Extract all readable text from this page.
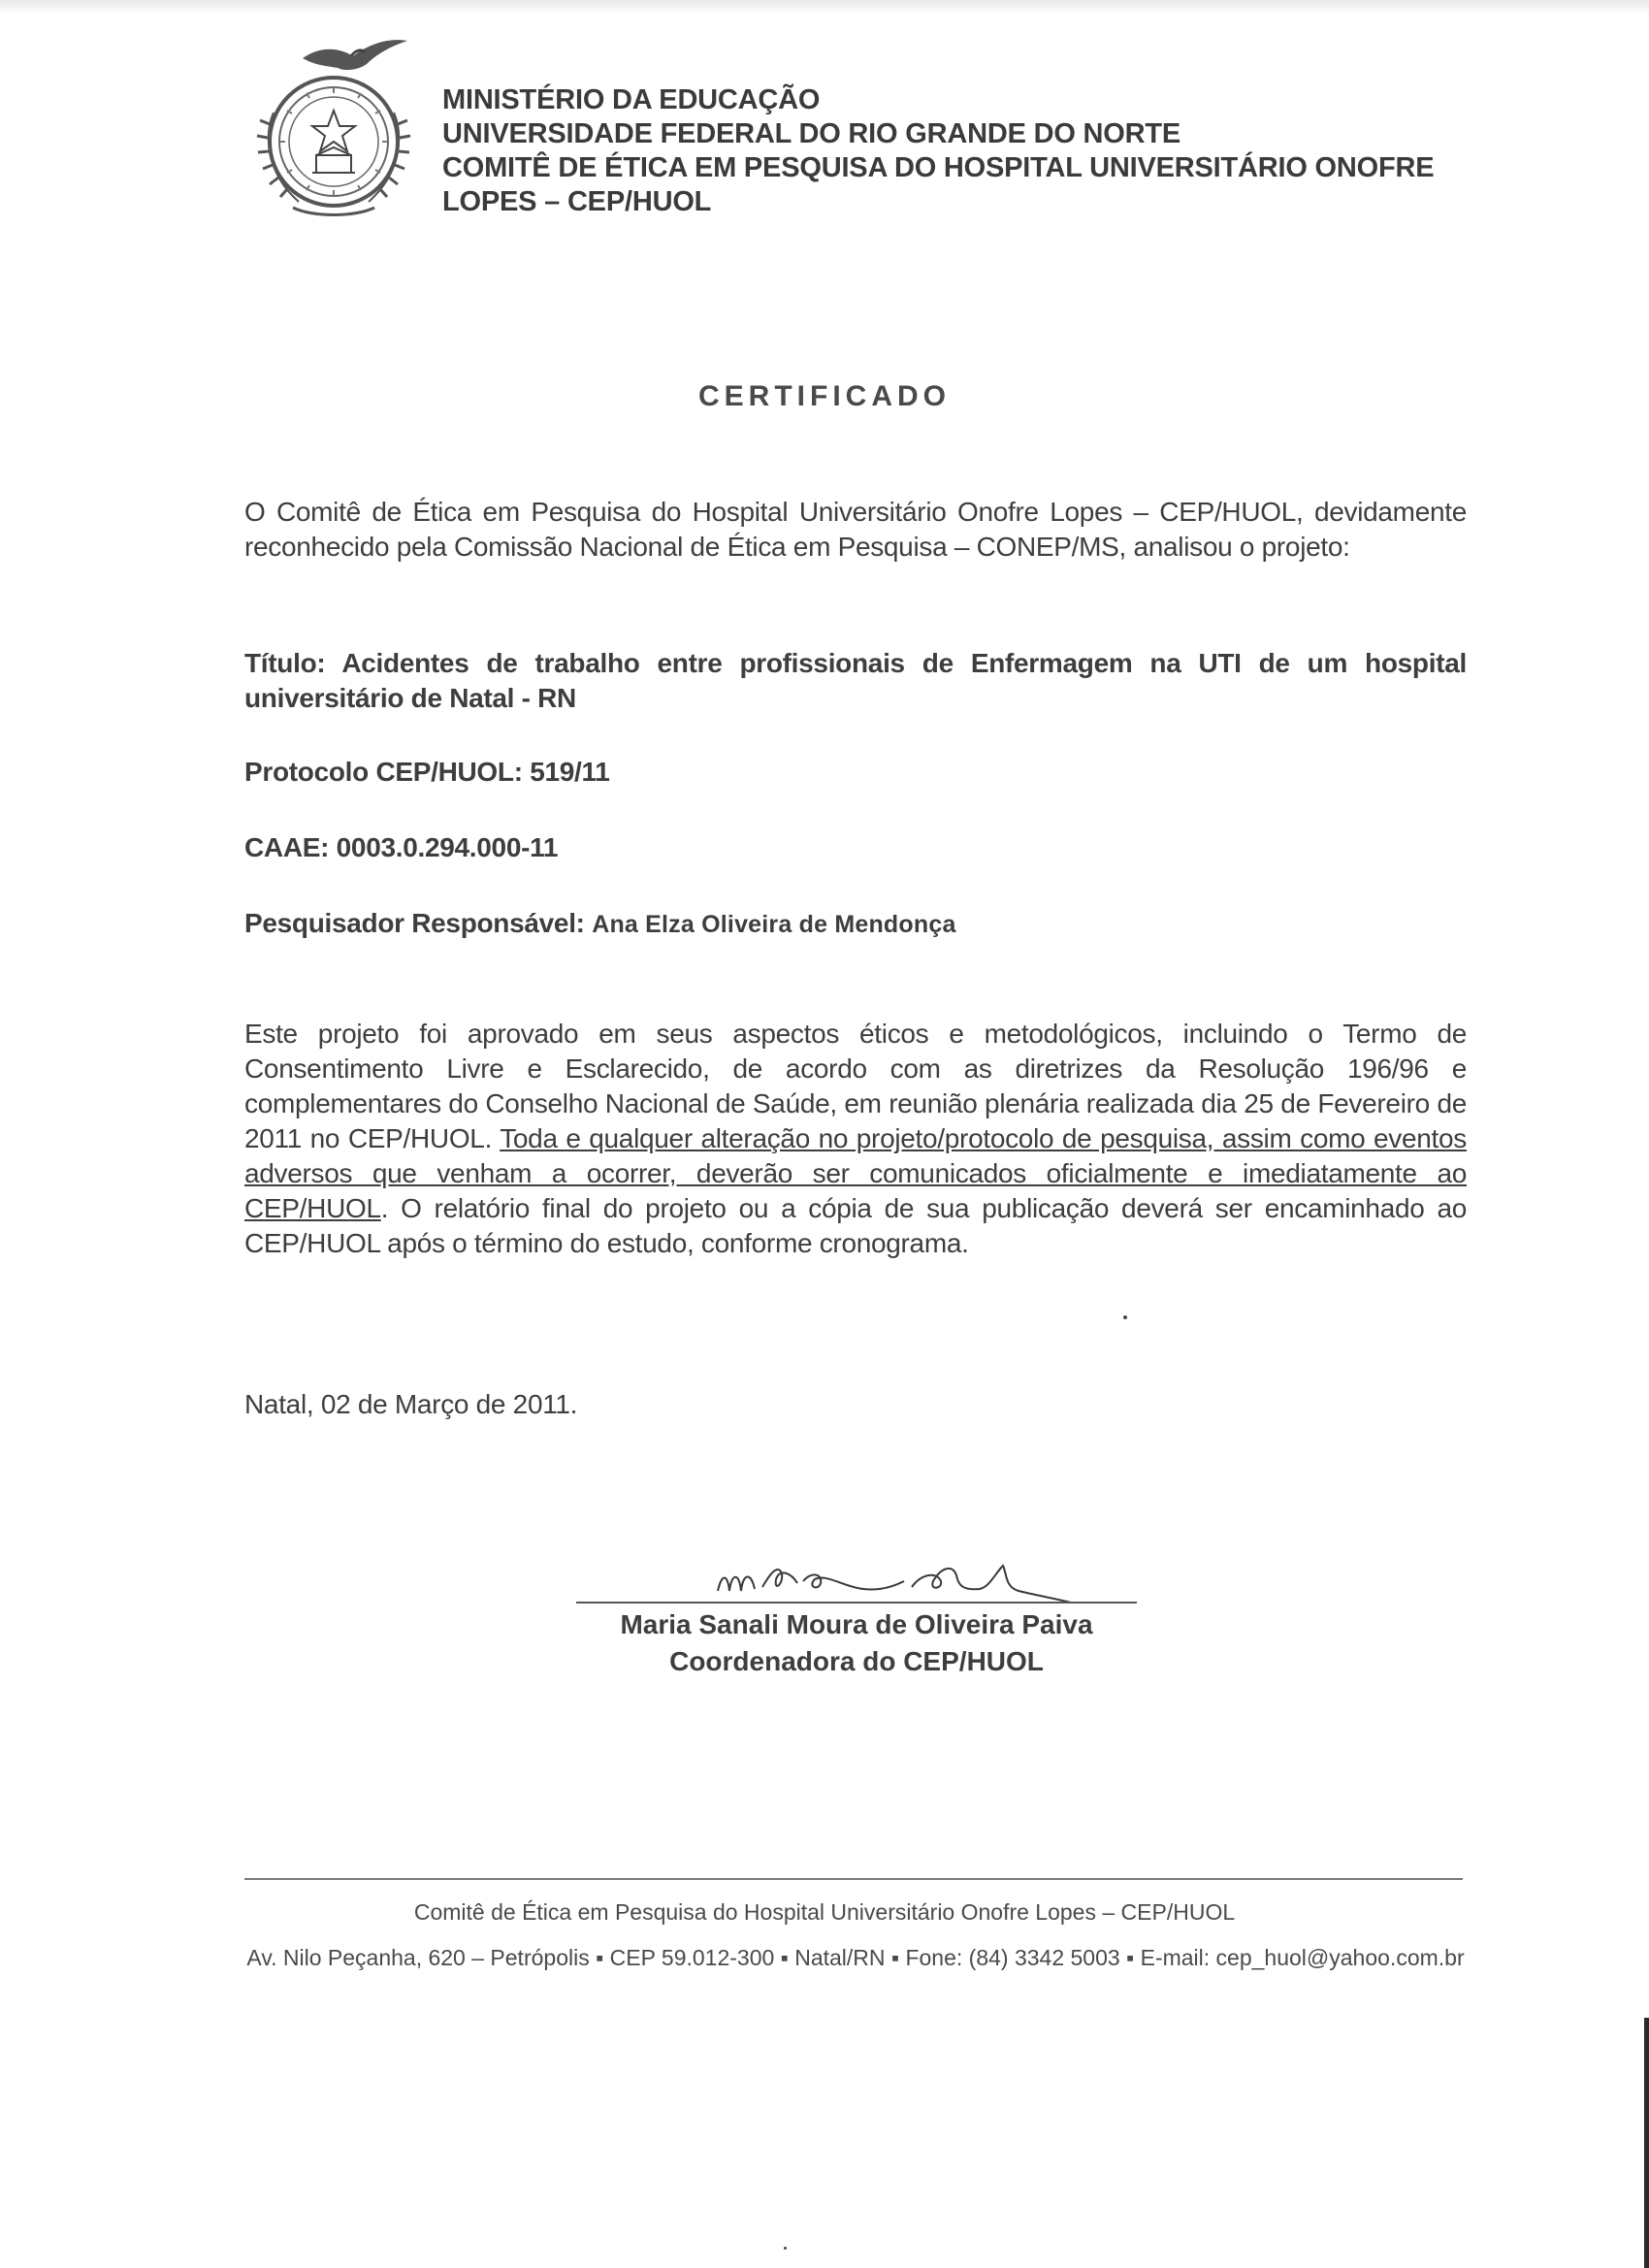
MINISTÉRIO DA EDUCAÇÃO
UNIVERSIDADE FEDERAL DO RIO GRANDE DO NORTE
COMITÊ DE ÉTICA EM PESQUISA DO HOSPITAL UNIVERSITÁRIO ONOFRE
LOPES – CEP/HUOL
CERTIFICADO
O Comitê de Ética em Pesquisa do Hospital Universitário Onofre Lopes – CEP/HUOL, devidamente reconhecido pela Comissão Nacional de Ética em Pesquisa – CONEP/MS, analisou o projeto:
Título: Acidentes de trabalho entre profissionais de Enfermagem na UTI de um hospital universitário de Natal - RN
Protocolo CEP/HUOL: 519/11
CAAE: 0003.0.294.000-11
Pesquisador Responsável: Ana Elza Oliveira de Mendonça
Este projeto foi aprovado em seus aspectos éticos e metodológicos, incluindo o Termo de Consentimento Livre e Esclarecido, de acordo com as diretrizes da Resolução 196/96 e complementares do Conselho Nacional de Saúde, em reunião plenária realizada dia 25 de Fevereiro de 2011 no CEP/HUOL. Toda e qualquer alteração no projeto/protocolo de pesquisa, assim como eventos adversos que venham a ocorrer, deverão ser comunicados oficialmente e imediatamente ao CEP/HUOL. O relatório final do projeto ou a cópia de sua publicação deverá ser encaminhado ao CEP/HUOL após o término do estudo, conforme cronograma.
Natal, 02 de Março de 2011.
Maria Sanali Moura de Oliveira Paiva
Coordenadora do CEP/HUOL
Comitê de Ética em Pesquisa do Hospital Universitário Onofre Lopes – CEP/HUOL
Av. Nilo Peçanha, 620 – Petrópolis ▪ CEP 59.012-300 ▪ Natal/RN ▪ Fone: (84) 3342 5003 ▪ E-mail: cep_huol@yahoo.com.br
